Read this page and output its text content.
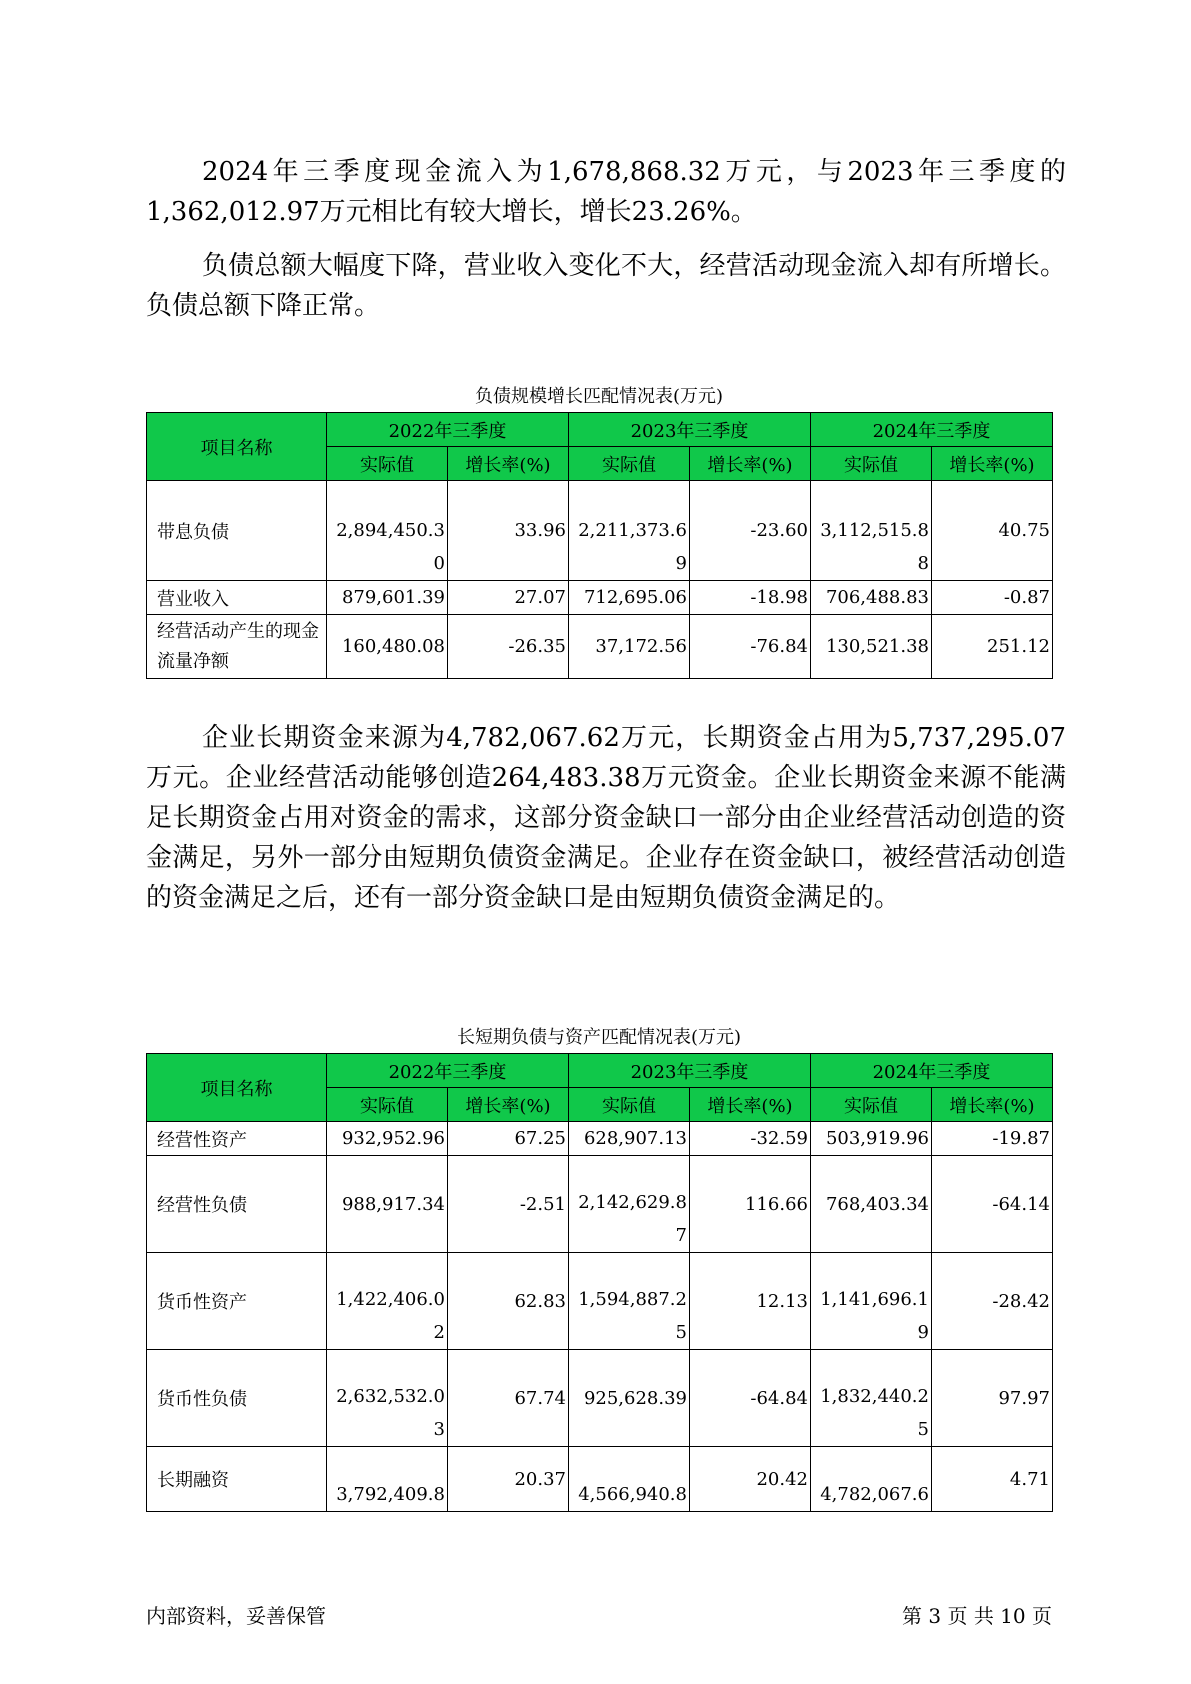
2024年三季度现金流入为1,678,868.32万元，与2023年三季度的1,362,012.97万元相比有较大增长，增长23.26%。

负债总额大幅度下降，营业收入变化不大，经营活动现金流入却有所增长。负债总额下降正常。

负债规模增长匹配情况表(万元)

项目名称	2022年三季度		2023年三季度		2024年三季度	
	实际值	增长率(%)	实际值	增长率(%)	实际值	增长率(%)
带息负债	2,894,450.30	33.96	2,211,373.69	-23.60	3,112,515.88	40.75
营业收入	879,601.39	27.07	712,695.06	-18.98	706,488.83	-0.87
经营活动产生的现金流量净额	160,480.08	-26.35	37,172.56	-76.84	130,521.38	251.12

企业长期资金来源为4,782,067.62万元，长期资金占用为5,737,295.07万元。企业经营活动能够创造264,483.38万元资金。企业长期资金来源不能满足长期资金占用对资金的需求，这部分资金缺口一部分由企业经营活动创造的资金满足，另外一部分由短期负债资金满足。企业存在资金缺口，被经营活动创造的资金满足之后，还有一部分资金缺口是由短期负债资金满足的。

长短期负债与资产匹配情况表(万元)

项目名称	2022年三季度		2023年三季度		2024年三季度	
	实际值	增长率(%)	实际值	增长率(%)	实际值	增长率(%)
经营性资产	932,952.96	67.25	628,907.13	-32.59	503,919.96	-19.87
经营性负债	988,917.34	-2.51	2,142,629.87	116.66	768,403.34	-64.14
货币性资产	1,422,406.02	62.83	1,594,887.25	12.13	1,141,696.19	-28.42
货币性负债	2,632,532.03	67.74	925,628.39	-64.84	1,832,440.25	97.97
长期融资	3,792,409.8	20.37	4,566,940.8	20.42	4,782,067.6	4.71
内部资料，妥善保管	第 3 页 共 10 页
